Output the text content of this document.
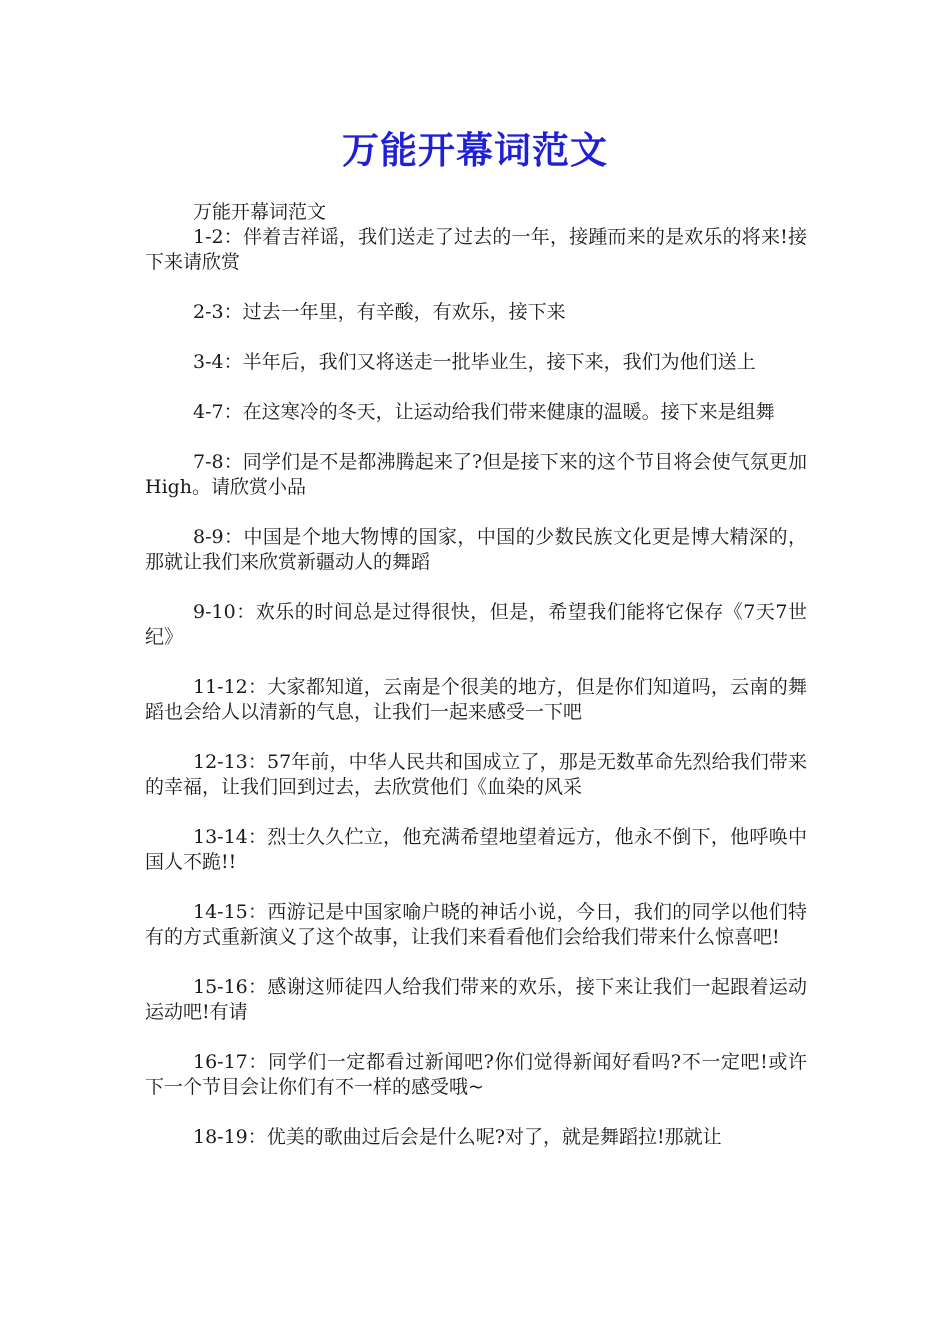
万能开幕词范文

万能开幕词范文

1-2：伴着吉祥谣，我们送走了过去的一年，接踵而来的是欢乐的将来!接下来请欣赏

2-3：过去一年里，有辛酸，有欢乐，接下来

3-4：半年后，我们又将送走一批毕业生，接下来，我们为他们送上

4-7：在这寒冷的冬天，让运动给我们带来健康的温暖。接下来是组舞

7-8：同学们是不是都沸腾起来了?但是接下来的这个节目将会使气氛更加High。请欣赏小品

8-9：中国是个地大物博的国家，中国的少数民族文化更是博大精深的，那就让我们来欣赏新疆动人的舞蹈

9-10：欢乐的时间总是过得很快，但是，希望我们能将它保存《7天7世纪》

11-12：大家都知道，云南是个很美的地方，但是你们知道吗，云南的舞蹈也会给人以清新的气息，让我们一起来感受一下吧

12-13：57年前，中华人民共和国成立了，那是无数革命先烈给我们带来的幸福，让我们回到过去，去欣赏他们《血染的风采

13-14：烈士久久伫立，他充满希望地望着远方，他永不倒下，他呼唤中国人不跪!!

14-15：西游记是中国家喻户晓的神话小说，今日，我们的同学以他们特有的方式重新演义了这个故事，让我们来看看他们会给我们带来什么惊喜吧!

15-16：感谢这师徒四人给我们带来的欢乐，接下来让我们一起跟着运动运动吧!有请

16-17：同学们一定都看过新闻吧?你们觉得新闻好看吗?不一定吧!或许下一个节目会让你们有不一样的感受哦~

18-19：优美的歌曲过后会是什么呢?对了，就是舞蹈拉!那就让
